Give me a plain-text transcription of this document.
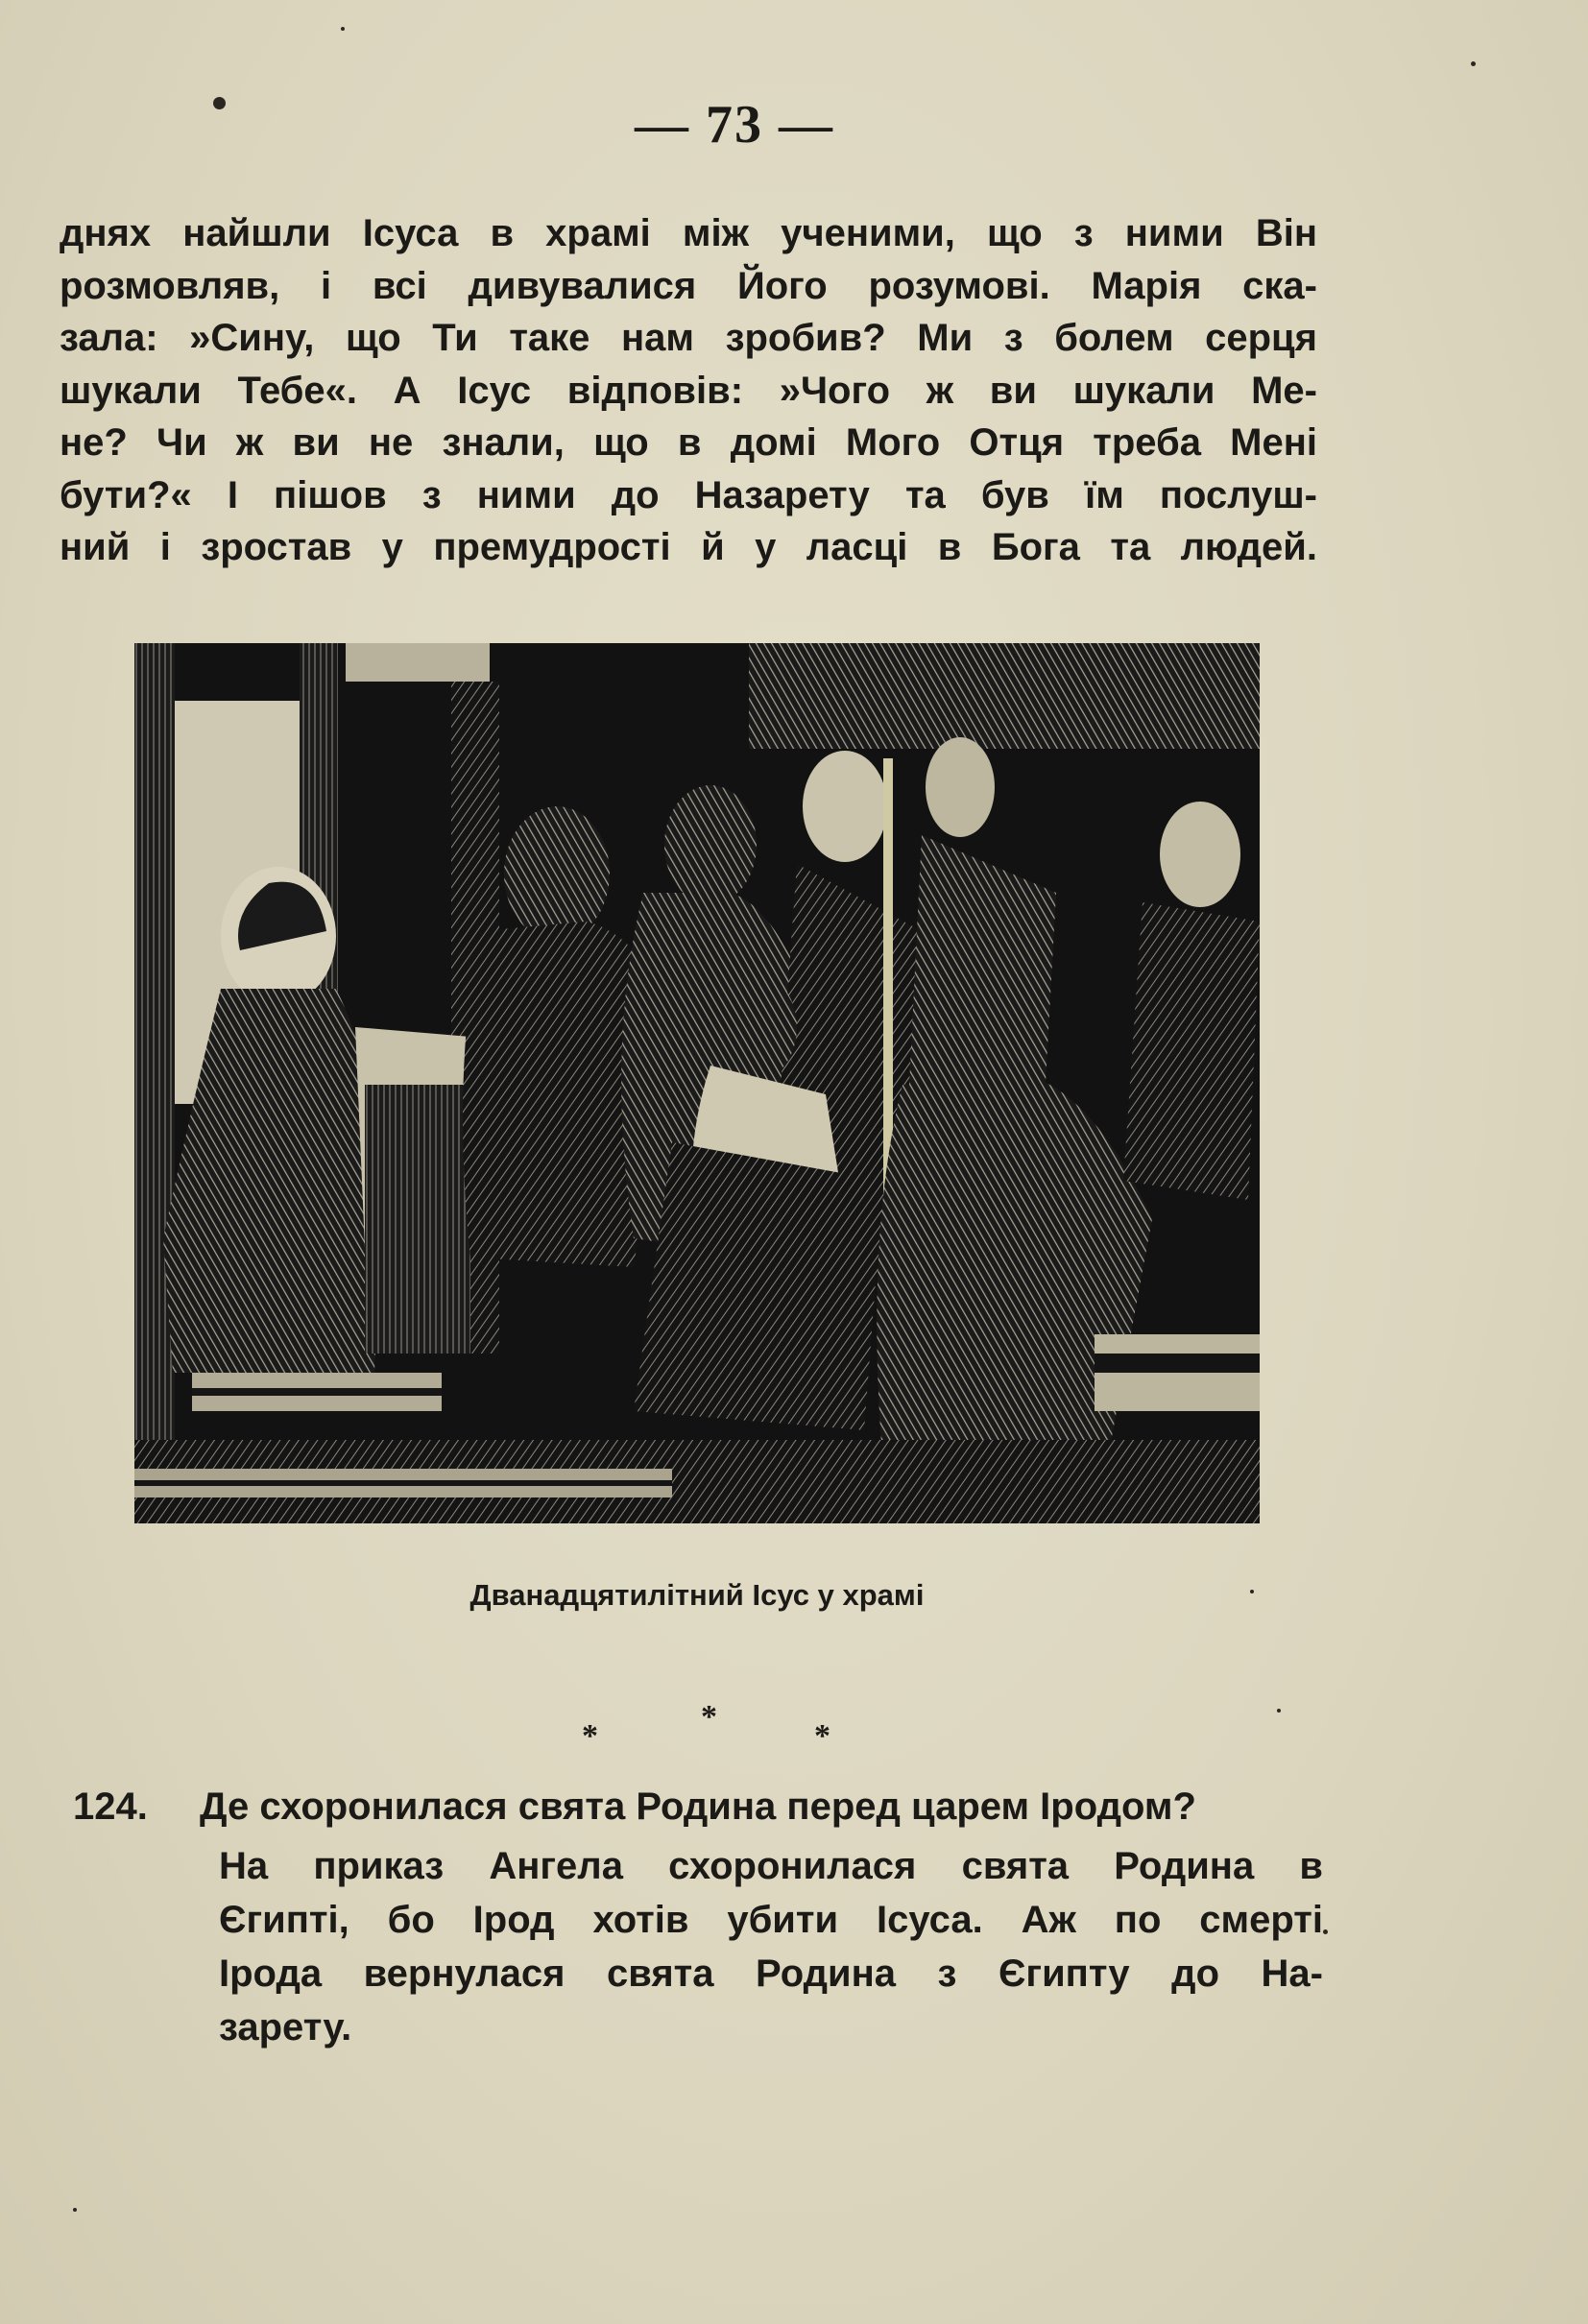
— 73 —
днях найшли Ісуса в храмі між ученими, що з ними Він
розмовляв, і всі дивувалися Його розумові. Марія ска-
зала: »Сину, що Ти таке нам зробив? Ми з болем серця
шукали Тебе«. А Ісус відповів: »Чого ж ви шукали Ме-
не? Чи ж ви не знали, що в домі Мого Отця треба Мені
бути?« І пішов з ними до Назарету та був їм послуш-
ний і зростав у премудрості й у ласці в Бога та людей.
Дванадцятилітний Ісус у храмі
*
*
*
124. Де схоронилася свята Родина перед царем Іродом?
На приказ Ангела схоронилася свята Родина в
Єгипті, бо Ірод хотів убити Ісуса. Аж по смерті
Ірода вернулася свята Родина з Єгипту до На-
зарету.
